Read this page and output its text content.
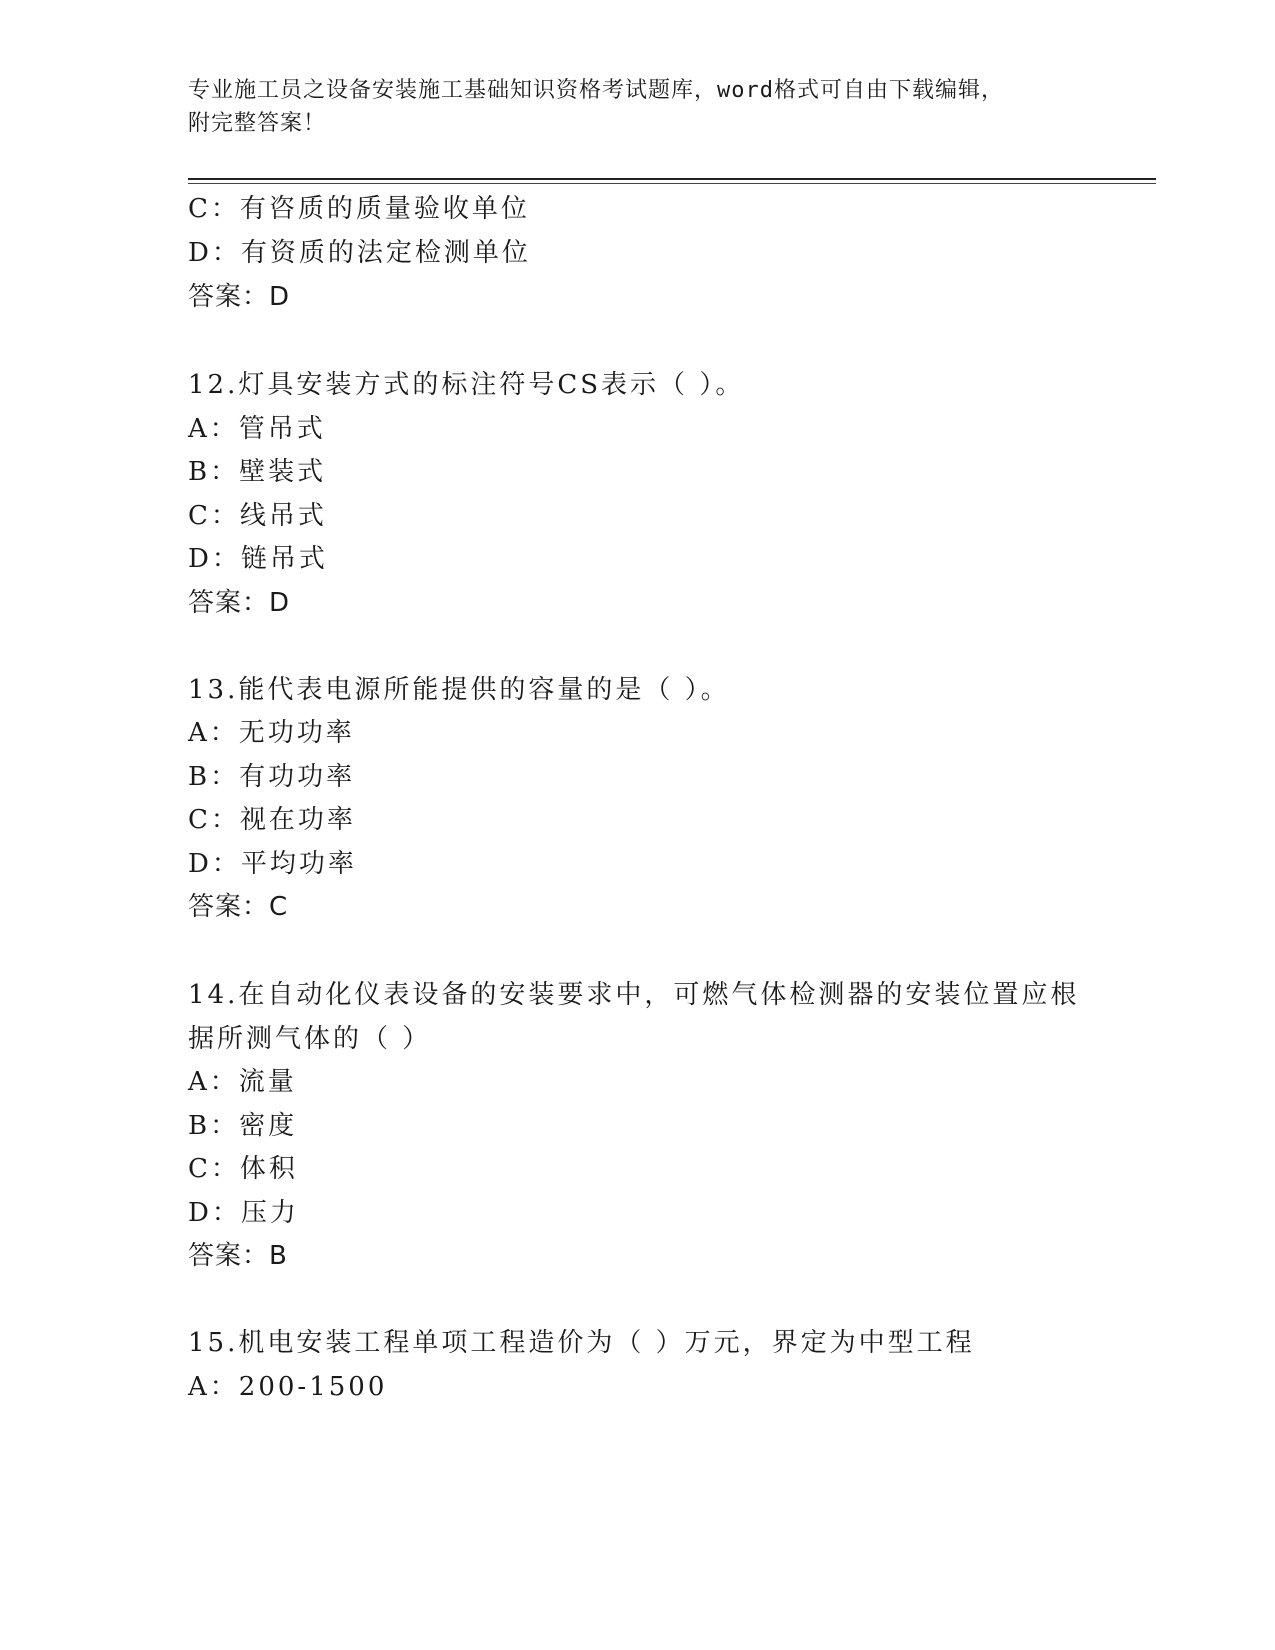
专业施工员之设备安装施工基础知识资格考试题库，word格式可自由下载编辑，
附完整答案！
C：有咨质的质量验收单位
D：有资质的法定检测单位
答案：D
12.灯具安装方式的标注符号CS表示（ ）。
A：管吊式
B：壁装式
C：线吊式
D：链吊式
答案：D
13.能代表电源所能提供的容量的是（ ）。
A：无功功率
B：有功功率
C：视在功率
D：平均功率
答案：C
14.在自动化仪表设备的安装要求中，可燃气体检测器的安装位置应根
据所测气体的（ ）
A：流量
B：密度
C：体积
D：压力
答案：B
15.机电安装工程单项工程造价为（ ）万元，界定为中型工程
A：200-1500
